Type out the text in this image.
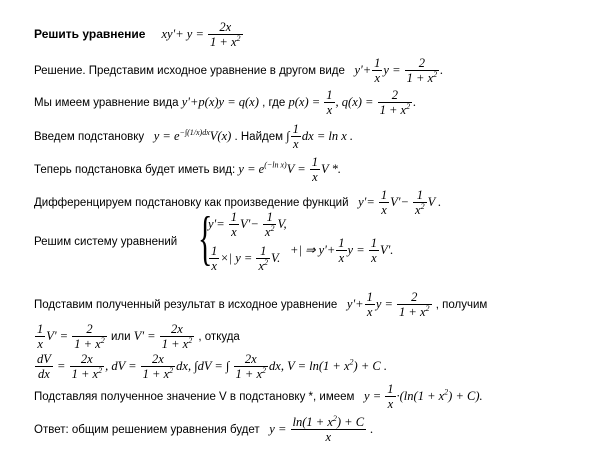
Решить уравнение     $xy'+ y = \frac{2x}{1 + x^2}$
Решение. Представим исходное уравнение в другом виде   $y'+ \frac{1}{x}$ $y = \frac{2}{1 + x^2}$ .
Мы имеем уравнение вида y'+p(x)y = q(x) , где $p(x) = \frac{1}{x}$ , $q(x) = \frac{2}{1 + x^2}$ .
Введем подстановку $y = e^{-\int(1/x)dx}V(x)$ . Найдем ∫ $\frac{1}{x}$ dx = ln x .
Теперь подстановка будет иметь вид: $y = e^{(-ln x)}V = \frac{1}{x}$ V *.
Дифференцируем подстановку как произведение функций   $y'= \frac{1}{x} V'- \frac{1}{x^2}$ V .
Решим систему уравнений {
$y'= \frac{1}{x} V'- \frac{1}{x^2} V$,
$\frac{1}{x}$ ×| $y = \frac{1}{x^2} V$.
+| ⇒ $y'+ \frac{1}{x}$ $y = \frac{1}{x} V'$.
Подставим полученный результат в исходное уравнение   $y'+ \frac{1}{x}$ $y = \frac{2}{1 + x^2}$ , получим
$\frac{1}{x} V' = \frac{2}{1 + x^2}$ или $V' = \frac{2x}{1 + x^2}$ , откуда
$\frac{dV}{dx} = \frac{2x}{1 + x^2}$ , dV = $\frac{2x}{1 + x^2}$ dx, ∫dV = ∫ $\frac{2x}{1 + x^2}$ dx, $V = \ln(1 + x^2) + C$ .
Подставляя полученное значение V в подстановку *, имеем   $y = \frac{1}{x} \cdot(\ln(1 + x^2) + C)$.
Ответ: общим решением уравнения будет   $y = \frac{\ln(1 + x^2) + C}{x}$ .
